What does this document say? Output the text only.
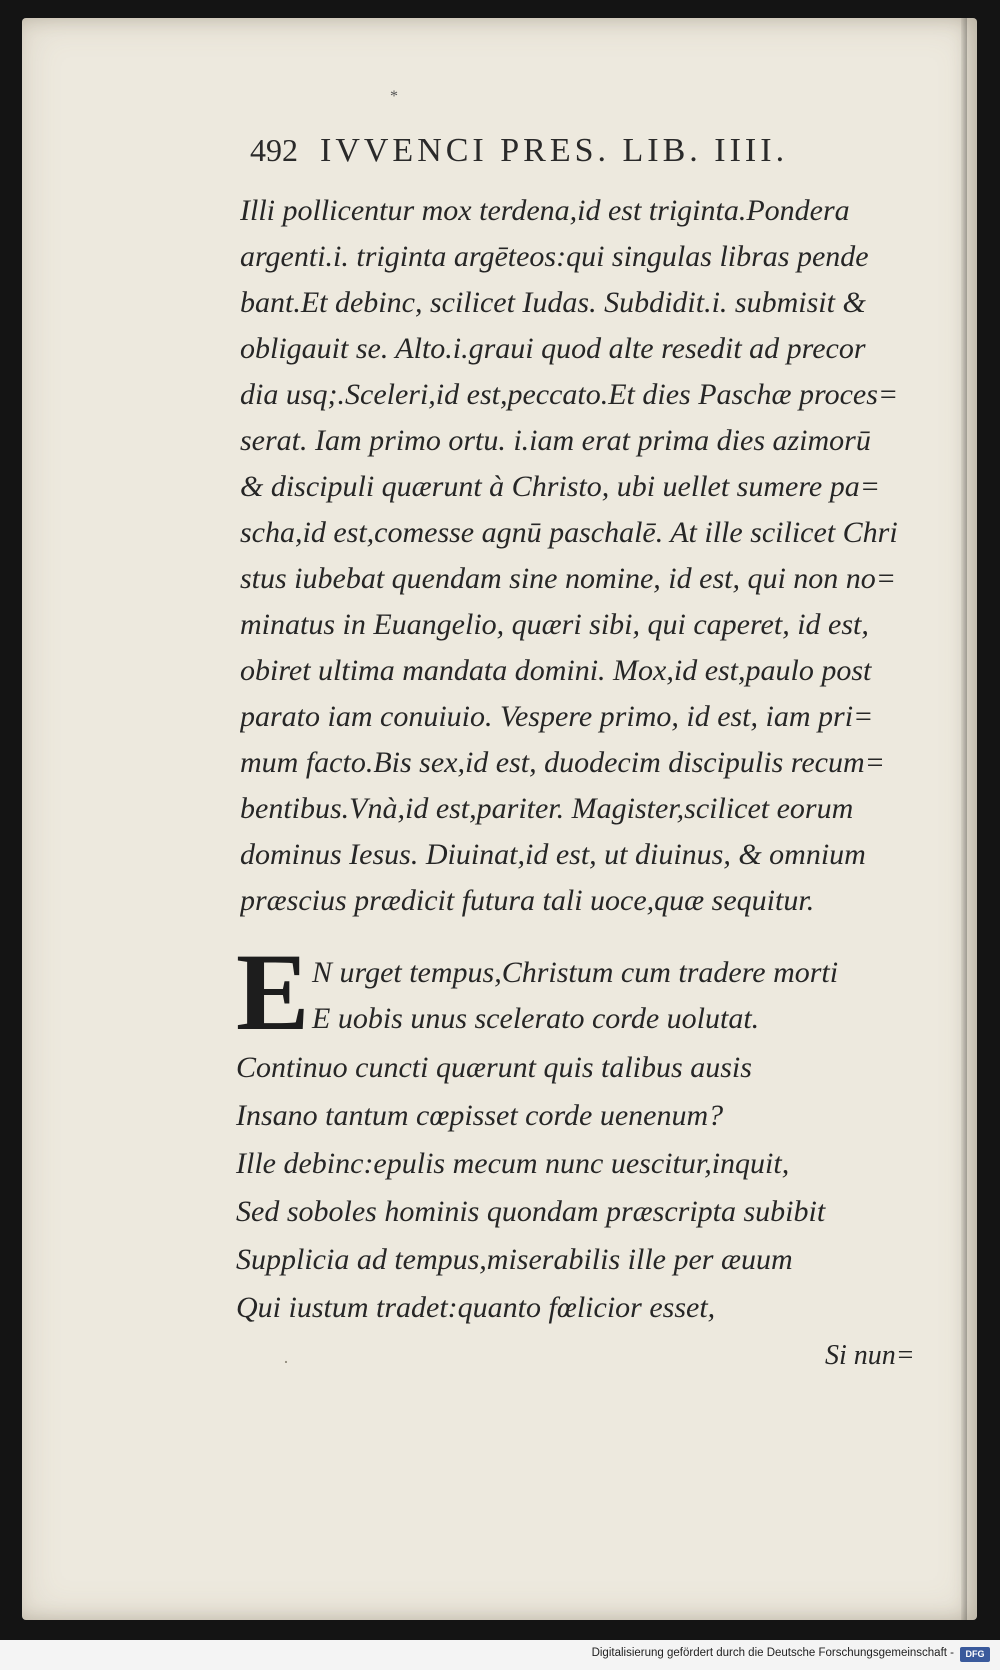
*
492 IVVENCI PRES. LIB. IIII.
Illi pollicentur mox terdena,id est triginta.Pondera
argenti.i. triginta argēteos:qui singulas libras pende
bant.Et debinc, scilicet Iudas. Subdidit.i. submisit &
obligauit se. Alto.i.graui quod alte resedit ad precor
dia usq;.Sceleri,id est,peccato.Et dies Paschæ proces=
serat. Iam primo ortu. i.iam erat prima dies azimorū
& discipuli quærunt à Christo, ubi uellet sumere pa=
scha,id est,comesse agnū paschalē. At ille scilicet Chri
stus iubebat quendam sine nomine, id est, qui non no=
minatus in Euangelio, quæri sibi, qui caperet, id est,
obiret ultima mandata domini. Mox,id est,paulo post
parato iam conuiuio. Vespere primo, id est, iam pri=
mum facto.Bis sex,id est, duodecim discipulis recum=
bentibus.Vnà,id est,pariter. Magister,scilicet eorum
dominus Iesus. Diuinat,id est, ut diuinus, & omnium
præscius prædicit futura tali uoce,quæ sequitur.
E N urget tempus,Christum cum tradere morti
E uobis unus scelerato corde uolutat.
Continuo cuncti quærunt quis talibus ausis
Insano tantum cœpisset corde uenenum?
Ille debinc:epulis mecum nunc uescitur,inquit,
Sed soboles hominis quondam præscripta subibit
Supplicia ad tempus,miserabilis ille per æuum
Qui iustum tradet:quanto fœlicior esset,
·	Si nun=
Digitalisierung gefördert durch die Deutsche Forschungsgemeinschaft -	DFG
